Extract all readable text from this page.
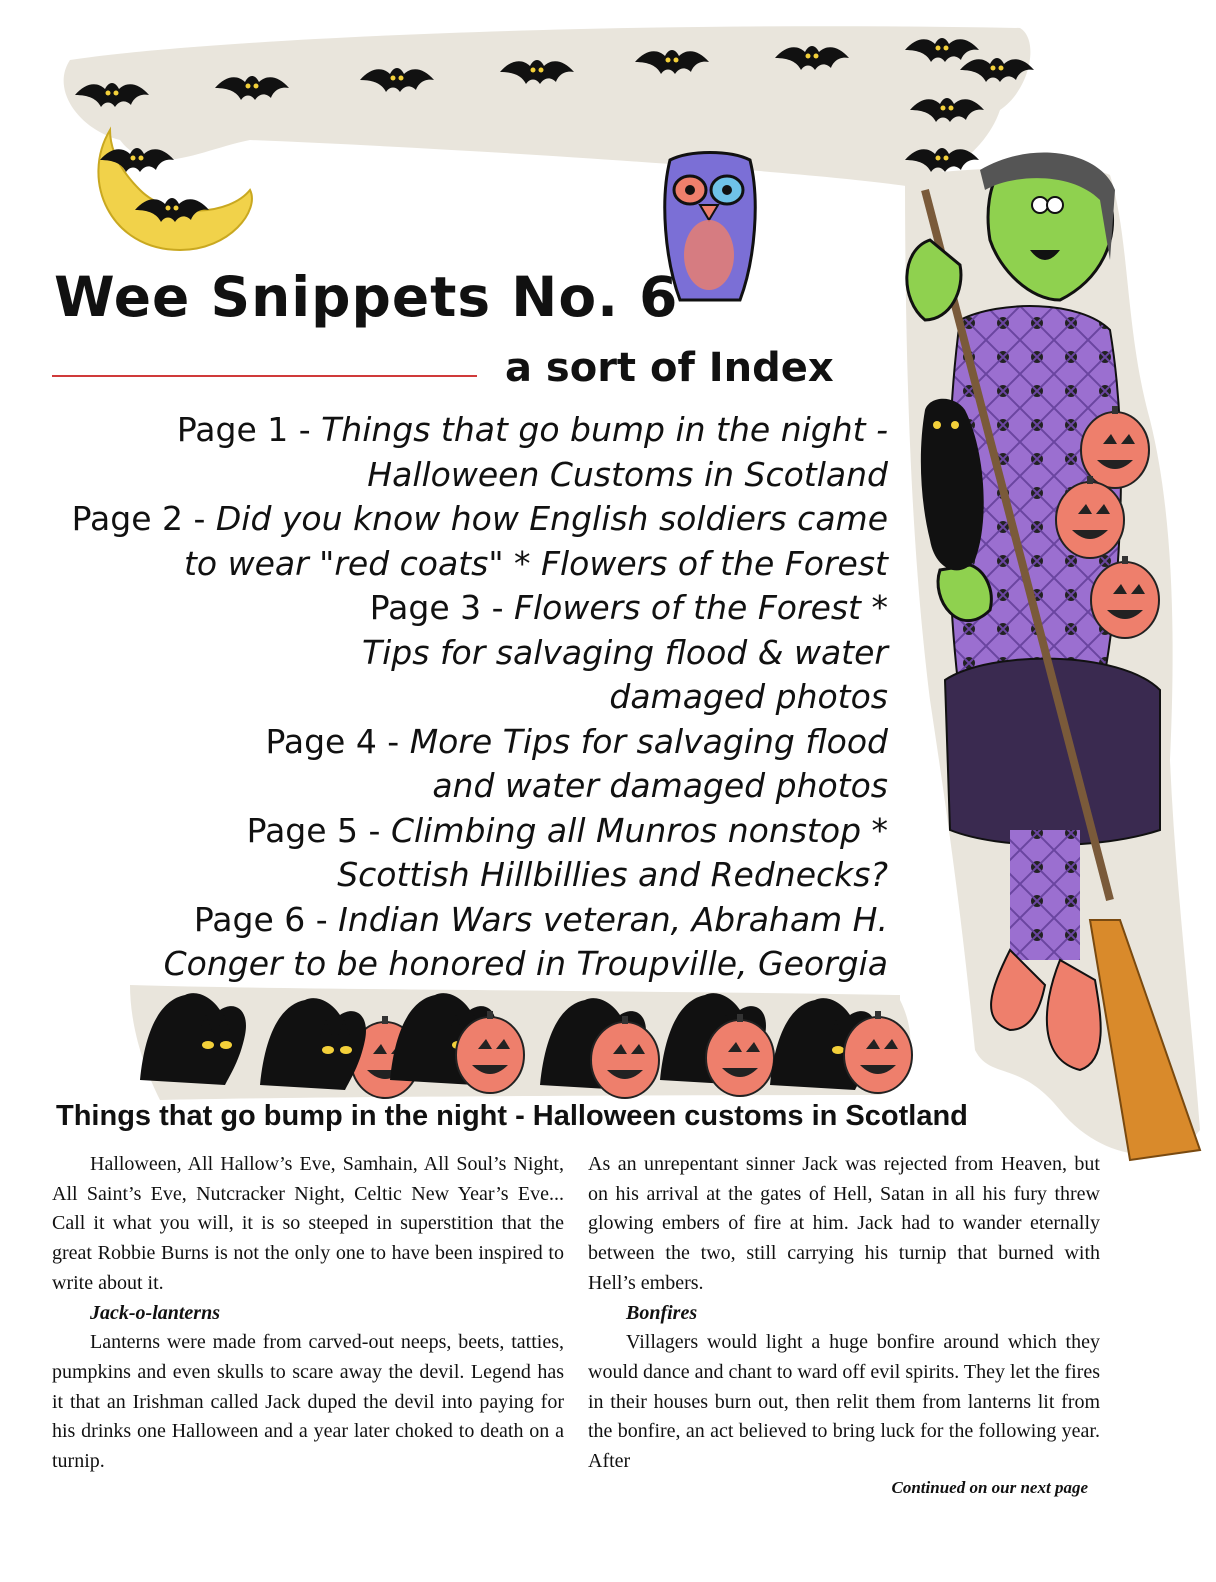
Wee Snippets No. 6
a sort of Index
Page 1 - Things that go bump in the night -
Halloween Customs in Scotland
Page 2 - Did you know how English soldiers came
to wear "red coats" * Flowers of the Forest
Page 3 - Flowers of the Forest *
Tips for salvaging flood & water
damaged photos
Page 4 - More Tips for salvaging flood
and water damaged photos
Page 5 - Climbing all Munros nonstop *
Scottish Hillbillies and Rednecks?
Page 6 - Indian Wars veteran, Abraham H.
Conger to be honored in Troupville, Georgia
Things that go bump in the night - Halloween customs in Scotland

Halloween, All Hallow’s Eve, Samhain, All Soul’s Night, All Saint’s Eve, Nutcracker Night, Celtic New Year’s Eve... Call it what you will, it is so steeped in superstition that the great Robbie Burns is not the only one to have been inspired to write about it.

Jack-o-lanterns

Lanterns were made from carved-out neeps, beets, tatties, pumpkins and even skulls to scare away the devil. Legend has it that an Irishman called Jack duped the devil into paying for his drinks one Halloween and a year later choked to death on a turnip.

As an unrepentant sinner Jack was rejected from Heaven, but on his arrival at the gates of Hell, Satan in all his fury threw glowing embers of fire at him. Jack had to wander eternally between the two, still carrying his turnip that burned with Hell’s embers.

Bonfires

Villagers would light a huge bonfire around which they would dance and chant to ward off evil spirits. They let the fires in their houses burn out, then relit them from lanterns lit from the bonfire, an act believed to bring luck for the following year. After

Continued on our next page
